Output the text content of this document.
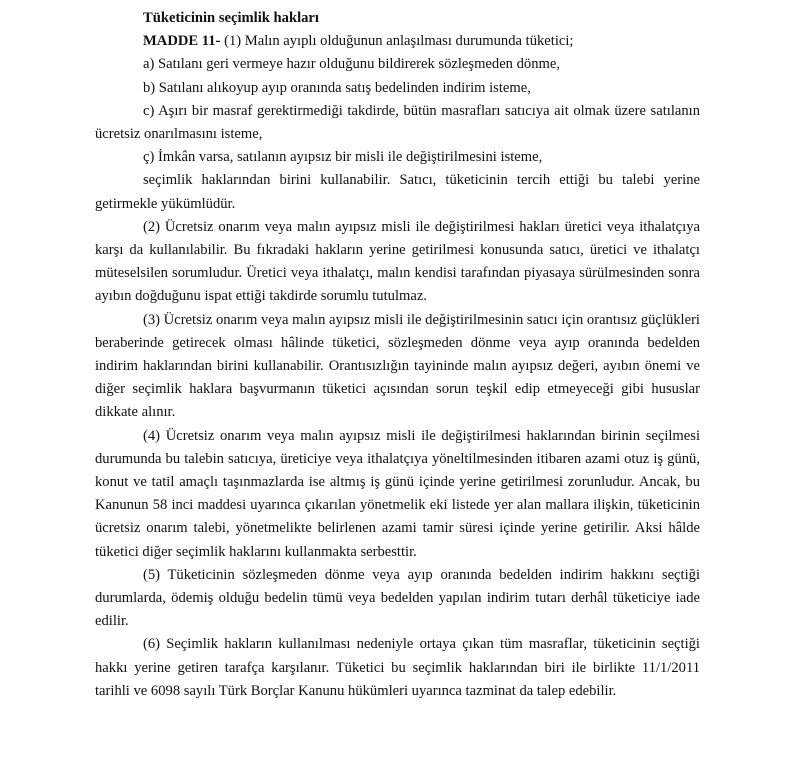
Tüketicinin seçimlik hakları

MADDE 11- (1) Malın ayıplı olduğunun anlaşılması durumunda tüketici;

a) Satılanı geri vermeye hazır olduğunu bildirerek sözleşmeden dönme,

b) Satılanı alıkoyup ayıp oranında satış bedelinden indirim isteme,

c) Aşırı bir masraf gerektirmediği takdirde, bütün masrafları satıcıya ait olmak üzere satılanın ücretsiz onarılmasını isteme,

ç) İmkân varsa, satılanın ayıpsız bir misli ile değiştirilmesini isteme,

seçimlik haklarından birini kullanabilir. Satıcı, tüketicinin tercih ettiği bu talebi yerine getirmekle yükümlüdür.

(2) Ücretsiz onarım veya malın ayıpsız misli ile değiştirilmesi hakları üretici veya ithalatçıya karşı da kullanılabilir. Bu fıkradaki hakların yerine getirilmesi konusunda satıcı, üretici ve ithalatçı müteselsilen sorumludur. Üretici veya ithalatçı, malın kendisi tarafından piyasaya sürülmesinden sonra ayıbın doğduğunu ispat ettiği takdirde sorumlu tutulmaz.

(3) Ücretsiz onarım veya malın ayıpsız misli ile değiştirilmesinin satıcı için orantısız güçlükleri beraberinde getirecek olması hâlinde tüketici, sözleşmeden dönme veya ayıp oranında bedelden indirim haklarından birini kullanabilir. Orantısızlığın tayininde malın ayıpsız değeri, ayıbın önemi ve diğer seçimlik haklara başvurmanın tüketici açısından sorun teşkil edip etmeyeceği gibi hususlar dikkate alınır.

(4) Ücretsiz onarım veya malın ayıpsız misli ile değiştirilmesi haklarından birinin seçilmesi durumunda bu talebin satıcıya, üreticiye veya ithalatçıya yöneltilmesinden itibaren azami otuz iş günü, konut ve tatil amaçlı taşınmazlarda ise altmış iş günü içinde yerine getirilmesi zorunludur. Ancak, bu Kanunun 58 inci maddesi uyarınca çıkarılan yönetmelik eki listede yer alan mallara ilişkin, tüketicinin ücretsiz onarım talebi, yönetmelikte belirlenen azami tamir süresi içinde yerine getirilir. Aksi hâlde tüketici diğer seçimlik haklarını kullanmakta serbesttir.

(5) Tüketicinin sözleşmeden dönme veya ayıp oranında bedelden indirim hakkını seçtiği durumlarda, ödemiş olduğu bedelin tümü veya bedelden yapılan indirim tutarı derhâl tüketiciye iade edilir.

(6) Seçimlik hakların kullanılması nedeniyle ortaya çıkan tüm masraflar, tüketicinin seçtiği hakkı yerine getiren tarafça karşılanır. Tüketici bu seçimlik haklarından biri ile birlikte 11/1/2011 tarihli ve 6098 sayılı Türk Borçlar Kanunu hükümleri uyarınca tazminat da talep edebilir.
